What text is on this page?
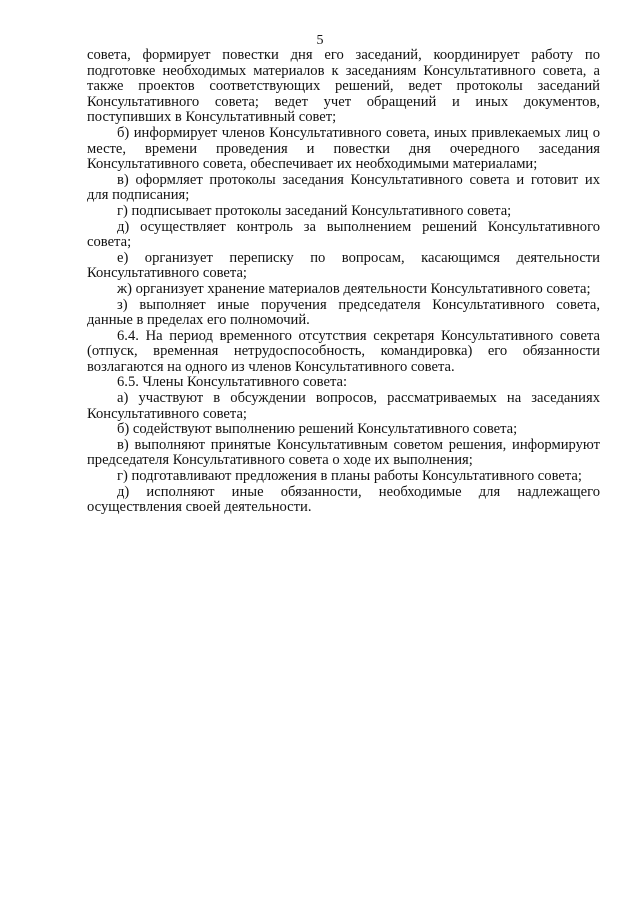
5

совета, формирует повестки дня его заседаний, координирует работу по подготовке необходимых материалов к заседаниям Консультативного совета, а также проектов соответствующих решений, ведет протоколы заседаний Консультативного совета; ведет учет обращений и иных документов, поступивших в Консультативный совет;

б) информирует членов Консультативного совета, иных привлекаемых лиц о месте, времени проведения и повестки дня очередного заседания Консультативного совета, обеспечивает их необходимыми материалами;

в) оформляет протоколы заседания Консультативного совета и готовит их для подписания;

г) подписывает протоколы заседаний Консультативного совета;

д) осуществляет контроль за выполнением решений Консультативного совета;

е) организует переписку по вопросам, касающимся деятельности Консультативного совета;

ж) организует хранение материалов деятельности Консультативного совета;

з) выполняет иные поручения председателя Консультативного совета, данные в пределах его полномочий.

6.4. На период временного отсутствия секретаря Консультативного совета (отпуск, временная нетрудоспособность, командировка) его обязанности возлагаются на одного из членов Консультативного совета.

6.5. Члены Консультативного совета:

а) участвуют в обсуждении вопросов, рассматриваемых на заседаниях Консультативного совета;

б) содействуют выполнению решений Консультативного совета;

в) выполняют принятые Консультативным советом решения, информируют председателя Консультативного совета о ходе их выполнения;

г) подготавливают предложения в планы работы Консультативного совета;

д) исполняют иные обязанности, необходимые для надлежащего осуществления своей деятельности.
